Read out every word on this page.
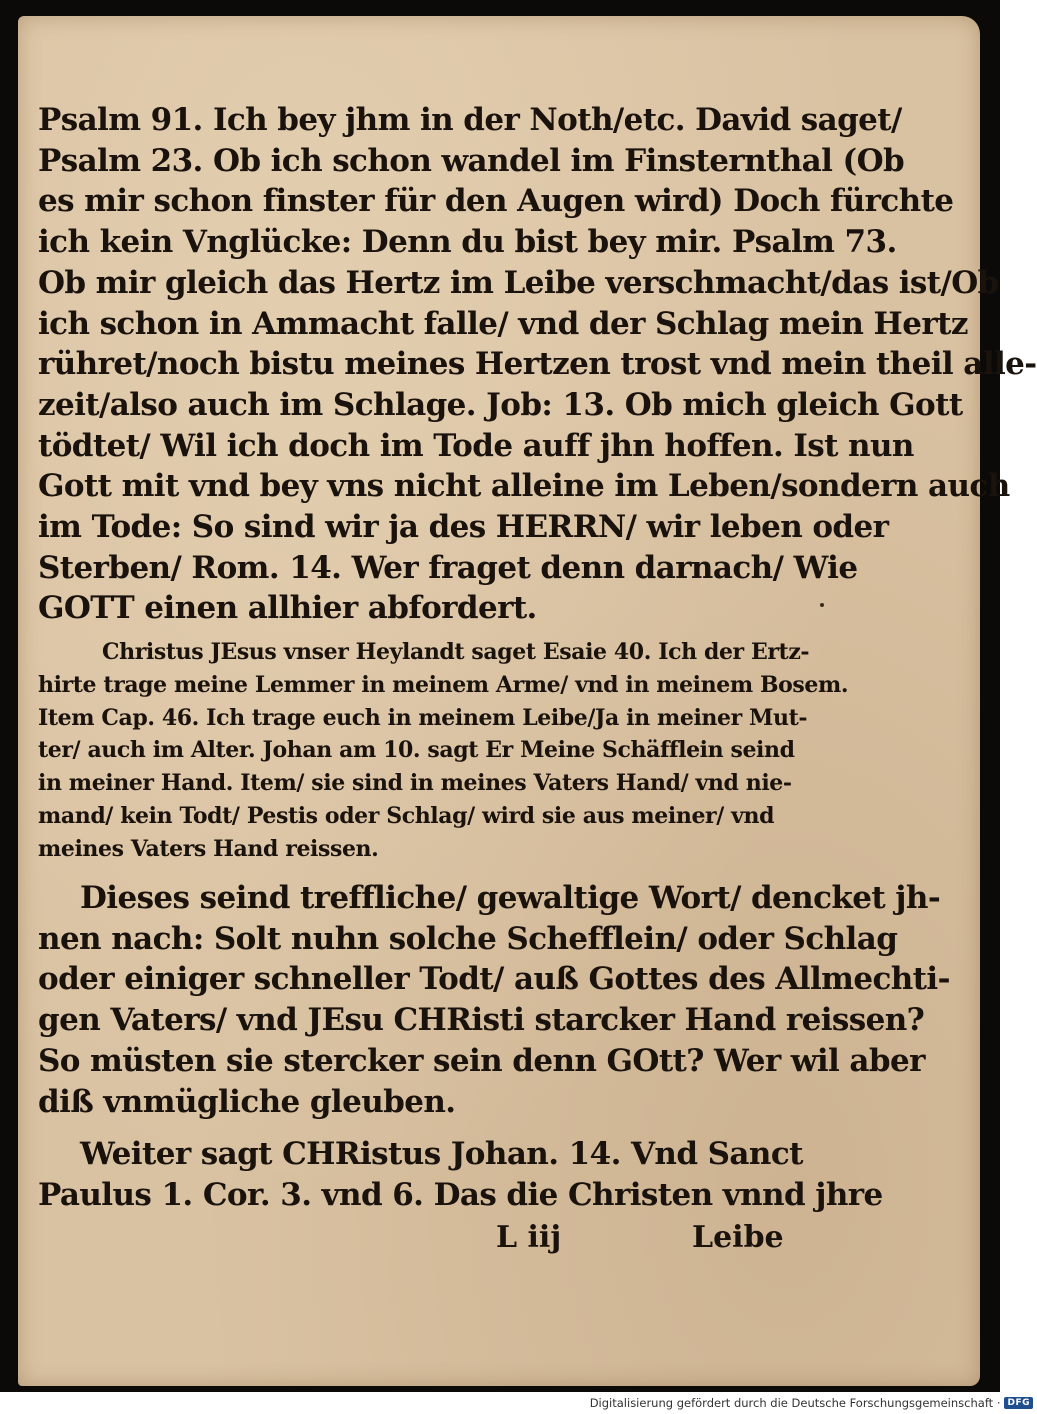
Psalm 91. Ich bey jhm in der Noth/etc. David saget/
Psalm 23. Ob ich schon wandel im Finsternthal (Ob
es mir schon finster für den Augen wird) Doch fürchte
ich kein Vnglücke: Denn du bist bey mir. Psalm 73.
Ob mir gleich das Hertz im Leibe verschmacht/das ist/Ob
ich schon in Ammacht falle/ vnd der Schlag mein Hertz
rühret/noch bistu meines Hertzen trost vnd mein theil alle-
zeit/also auch im Schlage. Job: 13. Ob mich gleich Gott
tödtet/ Wil ich doch im Tode auff jhn hoffen. Ist nun
Gott mit vnd bey vns nicht alleine im Leben/sondern auch
im Tode: So sind wir ja des HERRN/ wir leben oder
Sterben/ Rom. 14. Wer fraget denn darnach/ Wie
GOTT einen allhier abfordert.
Christus JEsus vnser Heylandt saget Esaie 40. Ich der Ertz-
hirte trage meine Lemmer in meinem Arme/ vnd in meinem Bosem.
Item Cap. 46. Ich trage euch in meinem Leibe/Ja in meiner Mut-
ter/ auch im Alter. Johan am 10. sagt Er Meine Schäfflein seind
in meiner Hand. Item/ sie sind in meines Vaters Hand/ vnd nie-
mand/ kein Todt/ Pestis oder Schlag/ wird sie aus meiner/ vnd
meines Vaters Hand reissen.
Dieses seind treffliche/ gewaltige Wort/ dencket jh-
nen nach: Solt nuhn solche Schefflein/ oder Schlag
oder einiger schneller Todt/ auß Gottes des Allmechti-
gen Vaters/ vnd JEsu CHRisti starcker Hand reissen?
So müsten sie stercker sein denn GOtt? Wer wil aber
diß vnmügliche gleuben.
Weiter sagt CHRistus Johan. 14. Vnd Sanct
Paulus 1. Cor. 3. vnd 6. Das die Christen vnnd jhre
L iij	Leibe
Digitalisierung gefördert durch die Deutsche Forschungsgemeinschaft · DFG
